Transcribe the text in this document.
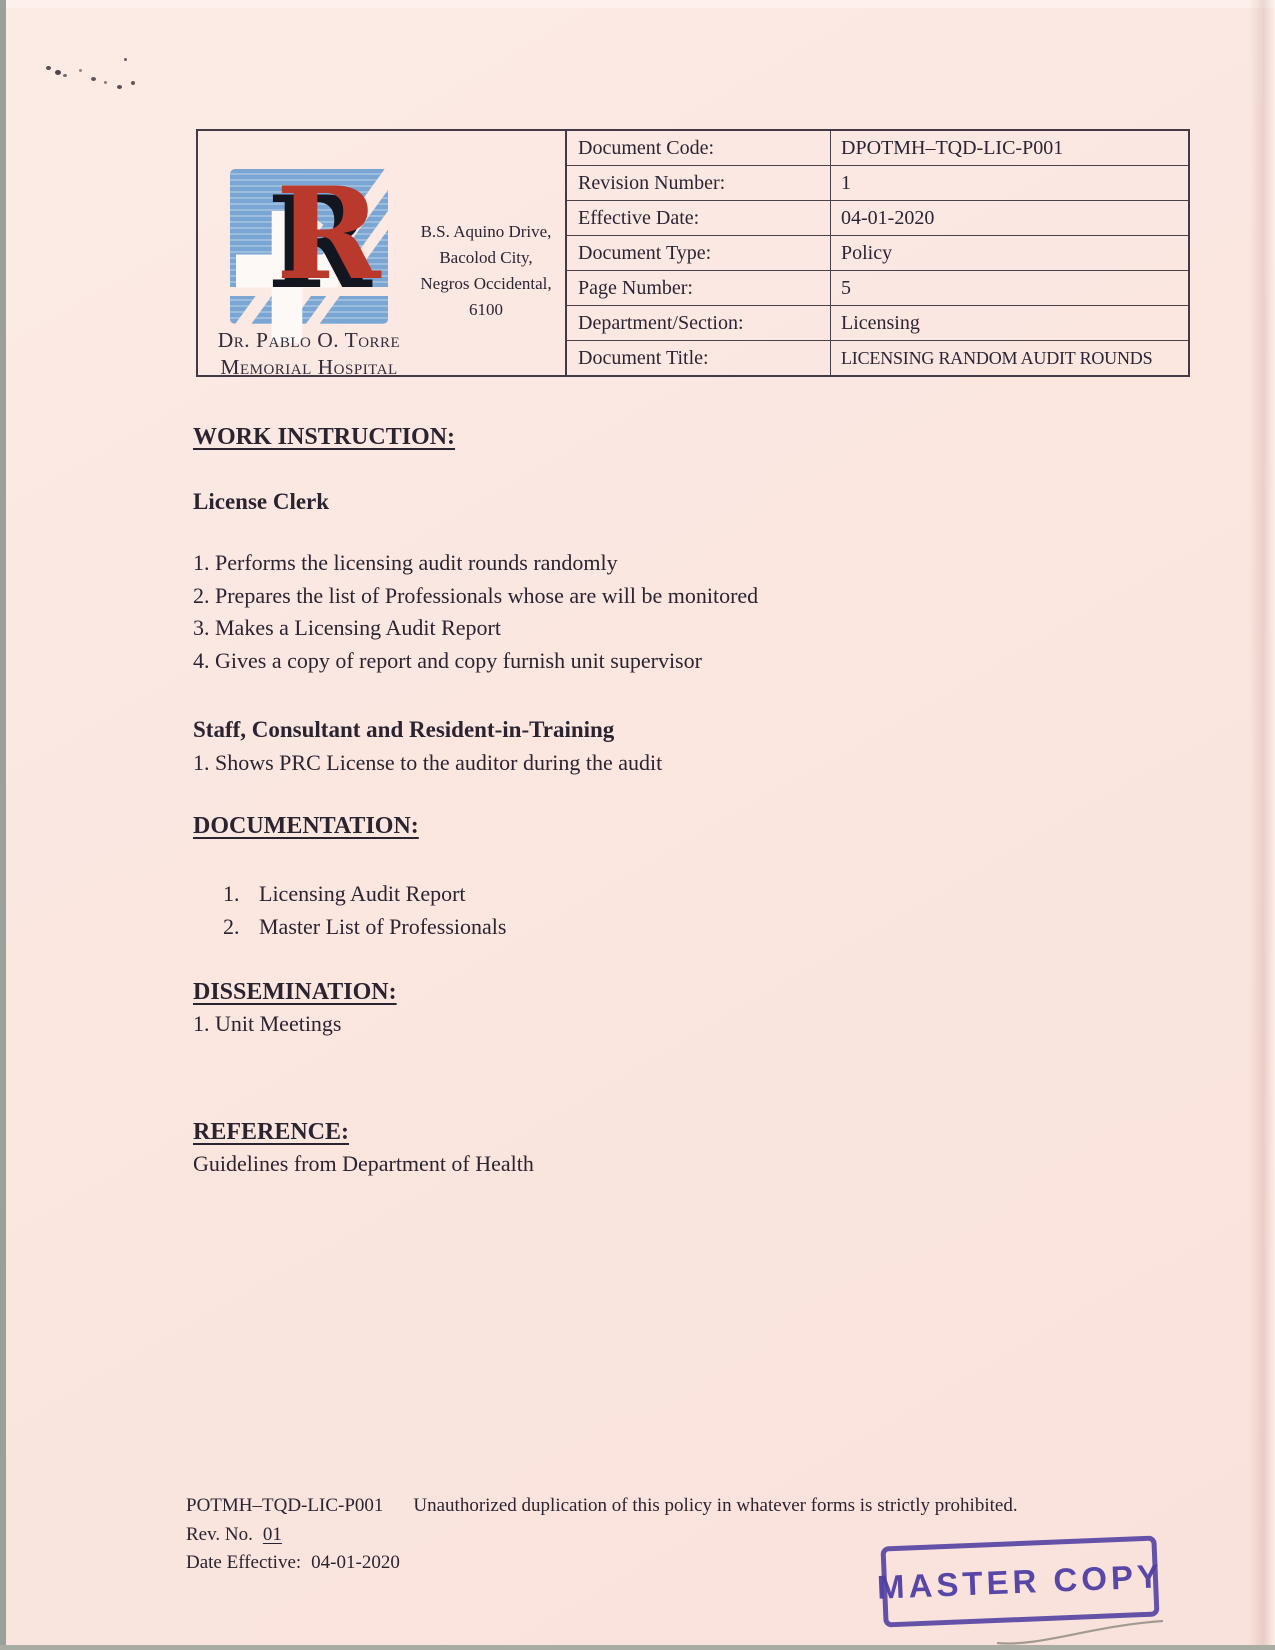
R	B.S. Aquino Drive,
Bacolod City,
Negros Occidental,
6100
Dr. Pablo O. Torre
Memorial Hospital
Document Code:	DPOTMH–TQD-LIC-P001
Revision Number:	1
Effective Date:	04-01-2020
Document Type:	Policy
Page Number:	5
Department/Section:	Licensing
Document Title:	LICENSING RANDOM AUDIT ROUNDS
WORK INSTRUCTION:
License Clerk
1. Performs the licensing audit rounds randomly
2. Prepares the list of Professionals whose are will be monitored
3. Makes a Licensing Audit Report
4. Gives a copy of report and copy furnish unit supervisor
Staff, Consultant and Resident-in-Training
1. Shows PRC License to the auditor during the audit
DOCUMENTATION:
1. Licensing Audit Report
2. Master List of Professionals
DISSEMINATION:
1. Unit Meetings
REFERENCE:
Guidelines from Department of Health
POTMH–TQD-LIC-P001 Unauthorized duplication of this policy in whatever forms is strictly prohibited.
Rev. No. 01
Date Effective: 04-01-2020	MASTER COPY
